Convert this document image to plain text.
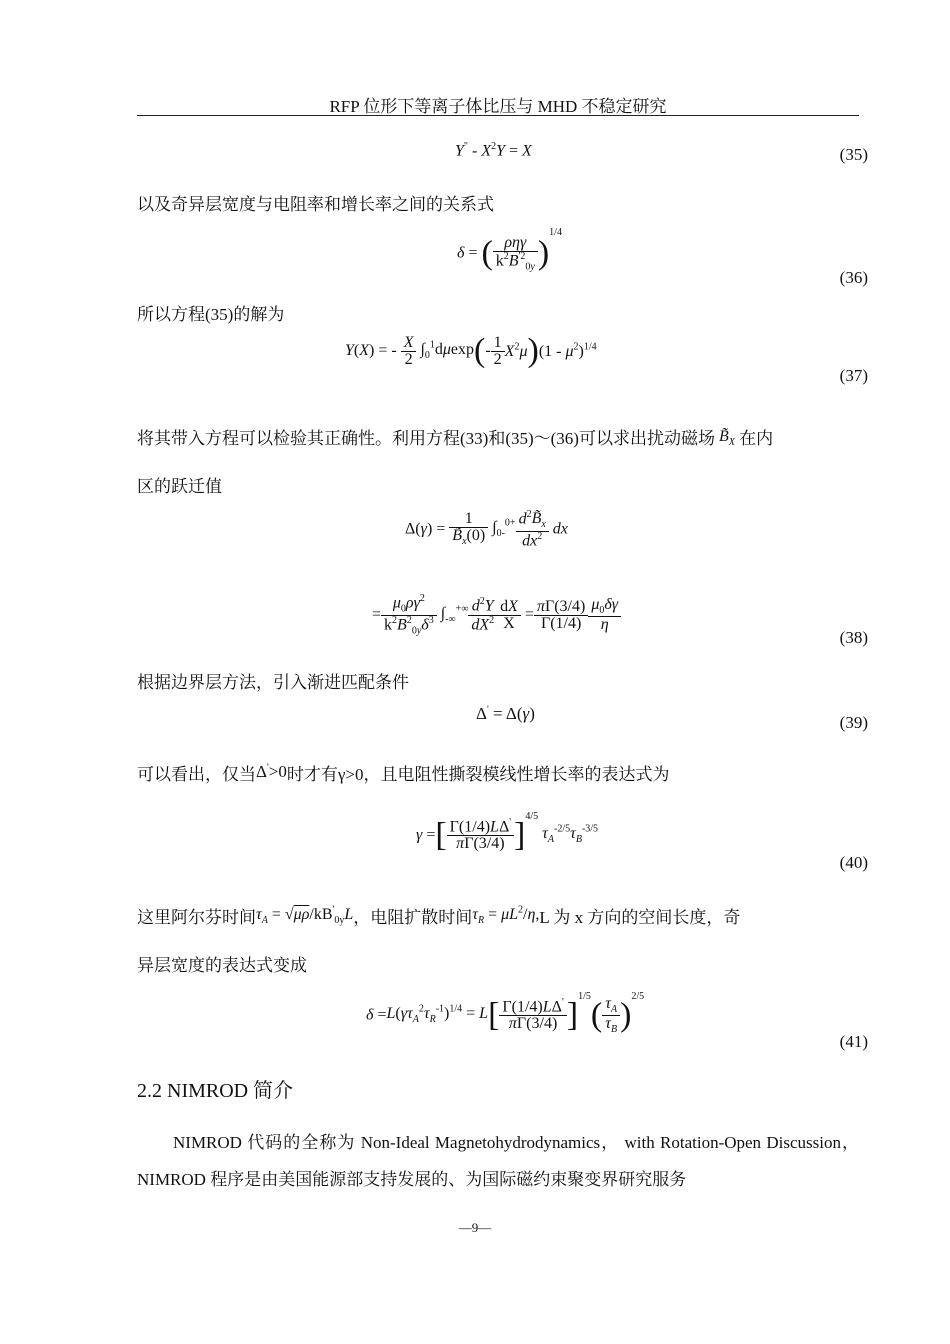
RFP 位形下等离子体比压与 MHD 不稳定研究
$Y^" - X^2Y = X$	(35)
以及奇异层宽度与电阻率和增长率之间的关系式
δ = ( $\frac{\text{ρηγ}}{k^2B^{'2}_{0y}} )^{1/4}$
(36)
所以方程(35)的解为
Y(X) = - $\frac{X}{2} \int_0^1d\mu\exp(- \frac{1}{2} X^2\mu)(1 - \mu^2)^{1/4}$
(37)
将其带入方程可以检验其正确性。利用方程(33)和(35)～(36)可以求出扰动磁场 $B̃_X$ 在内
区的跃迁值
$\Delta(\gamma) = \frac{1}{B̃_x(0)} \int_{0-}^{0+} \frac{d^2B̃_x}{dx^2}$ dx
= $\frac{\mu_0\rho\gamma^2}{k^2B^2_{0y}\delta^3} \int_{-\infty}^{+\infty} \frac{d^2Y}{dX^2} \frac{dX}{X} = \frac{\pi\Gamma(3/4)}{\Gamma(1/4)} \frac{\mu_0\delta\gamma}{\eta}$
(38)
根据边界层方法，引入渐进匹配条件
Δ' = Δ(γ)	(39)
可以看出，仅当Δ'>0时才有γ>0，且电阻性撕裂模线性增长率的表达式为
γ =[ $\frac{\Gamma(1/4)L\Delta'}{\pi\Gamma(3/4)} ]^{4/5}$ $\tau_A^{-2/5}\tau_B^{-3/5}$
(40)
这里阿尔芬时间$\tau_A = √\mu\rho/kB'_{0y}L$，电阻扩散时间$\tau_R = \mu L^2/\eta,L$ 为 x 方向的空间长度，奇
异层宽度的表达式变成
$\delta =L(\gamma\tau_A^2\tau_R^{-1})^{1/4} = L[ \frac{\Gamma(1/4)L\Delta'}{\pi\Gamma(3/4)} ]^{1/5}( \frac{\tau_A}{\tau_B} )^{2/5}$
(41)
2.2 NIMROD 简介
NIMROD 代码的全称为 Non-Ideal Magnetohydrodynamics， with Rotation-Open Discussion，NIMROD 程序是由美国能源部支持发展的、为国际磁约束聚变界研究服务
—9—
